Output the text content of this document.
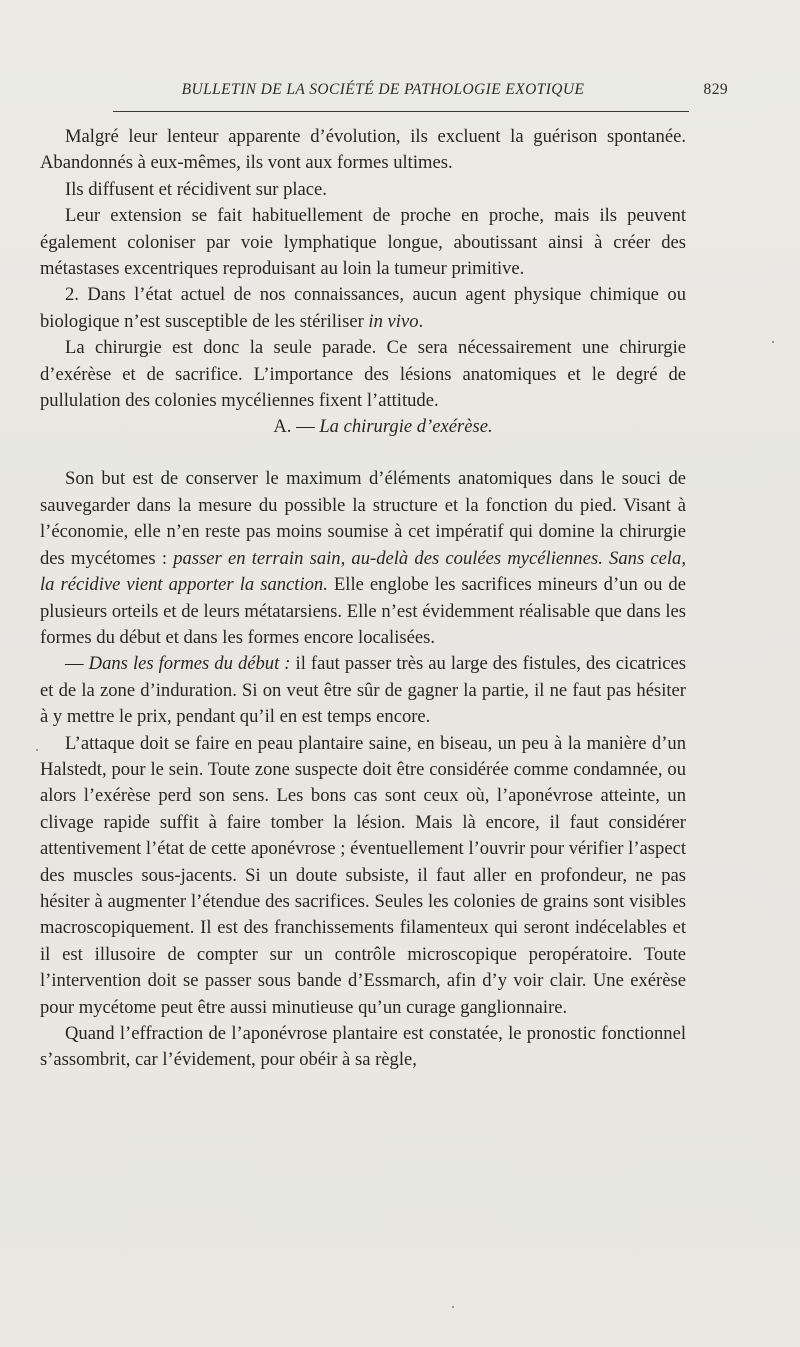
BULLETIN DE LA SOCIÉTÉ DE PATHOLOGIE EXOTIQUE	829

Malgré leur lenteur apparente d’évolution, ils excluent la guérison spontanée. Abandonnés à eux-mêmes, ils vont aux formes ultimes.

Ils diffusent et récidivent sur place.

Leur extension se fait habituellement de proche en proche, mais ils peuvent également coloniser par voie lymphatique longue, aboutissant ainsi à créer des métastases excentriques reproduisant au loin la tumeur primitive.

2. Dans l’état actuel de nos connaissances, aucun agent physique chimique ou biologique n’est susceptible de les stériliser in vivo.

La chirurgie est donc la seule parade. Ce sera nécessairement une chirurgie d’exérèse et de sacrifice. L’importance des lésions anatomiques et le degré de pullulation des colonies mycéliennes fixent l’attitude.

A. — La chirurgie d’exérèse.

Son but est de conserver le maximum d’éléments anatomiques dans le souci de sauvegarder dans la mesure du possible la structure et la fonction du pied. Visant à l’économie, elle n’en reste pas moins soumise à cet impératif qui domine la chirurgie des mycétomes : passer en terrain sain, au-delà des coulées mycéliennes. Sans cela, la récidive vient apporter la sanction. Elle englobe les sacrifices mineurs d’un ou de plusieurs orteils et de leurs métatarsiens. Elle n’est évidemment réalisable que dans les formes du début et dans les formes encore localisées.

— Dans les formes du début : il faut passer très au large des fistules, des cicatrices et de la zone d’induration. Si on veut être sûr de gagner la partie, il ne faut pas hésiter à y mettre le prix, pendant qu’il en est temps encore.

L’attaque doit se faire en peau plantaire saine, en biseau, un peu à la manière d’un Halstedt, pour le sein. Toute zone suspecte doit être considérée comme condamnée, ou alors l’exérèse perd son sens. Les bons cas sont ceux où, l’aponévrose atteinte, un clivage rapide suffit à faire tomber la lésion. Mais là encore, il faut considérer attentivement l’état de cette aponévrose ; éventuellement l’ouvrir pour vérifier l’aspect des muscles sous-jacents. Si un doute subsiste, il faut aller en profondeur, ne pas hésiter à augmenter l’étendue des sacrifices. Seules les colonies de grains sont visibles macroscopiquement. Il est des franchissements filamenteux qui seront indécelables et il est illusoire de compter sur un contrôle microscopique peropératoire. Toute l’intervention doit se passer sous bande d’Essmarch, afin d’y voir clair. Une exérèse pour mycétome peut être aussi minutieuse qu’un curage ganglionnaire.

Quand l’effraction de l’aponévrose plantaire est constatée, le pronostic fonctionnel s’assombrit, car l’évidement, pour obéir à sa règle,
